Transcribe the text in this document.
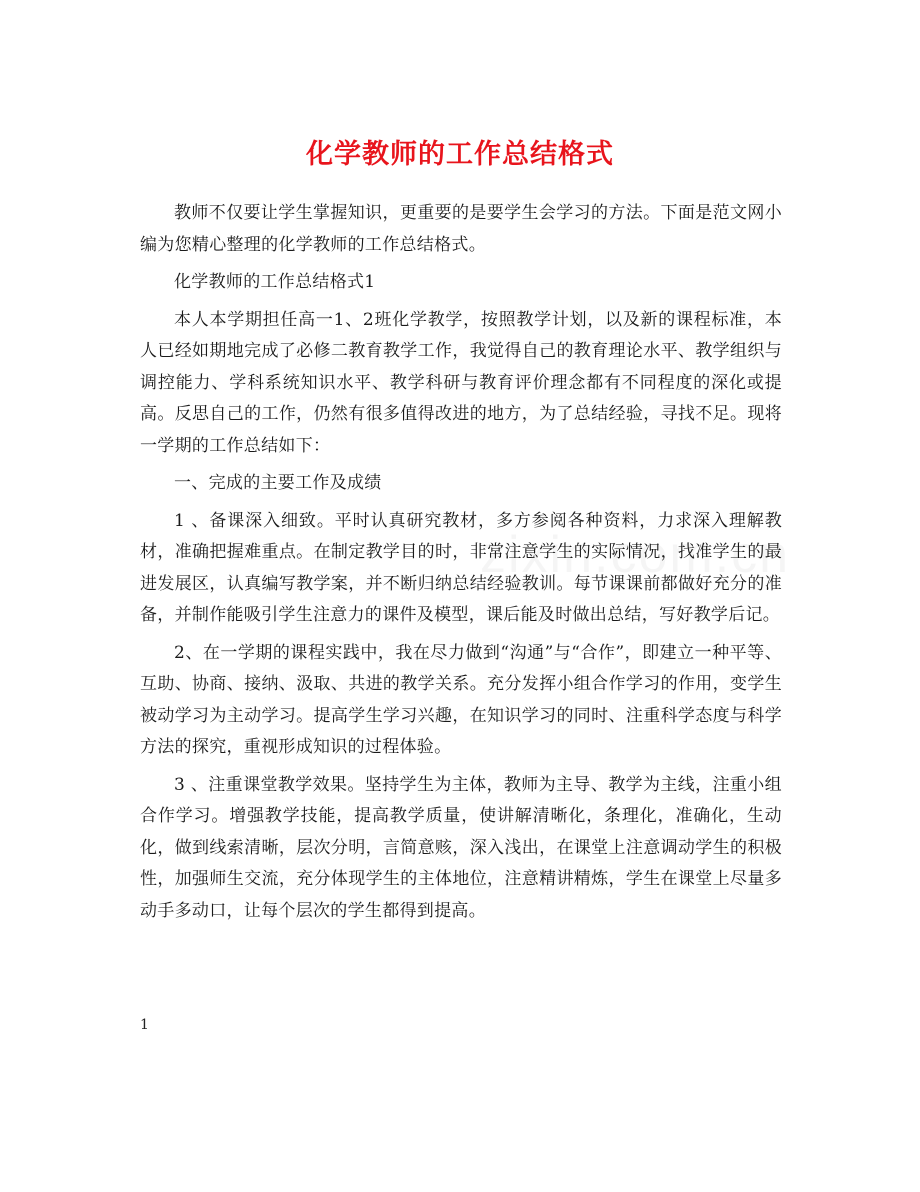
化学教师的工作总结格式

教师不仅要让学生掌握知识，更重要的是要学生会学习的方法。下面是范文网小编为您精心整理的化学教师的工作总结格式。

化学教师的工作总结格式1

本人本学期担任高一1、2班化学教学，按照教学计划，以及新的课程标准，本人已经如期地完成了必修二教育教学工作，我觉得自己的教育理论水平、教学组织与调控能力、学科系统知识水平、教学科研与教育评价理念都有不同程度的深化或提高。反思自己的工作，仍然有很多值得改进的地方，为了总结经验，寻找不足。现将一学期的工作总结如下：

一、完成的主要工作及成绩

1 、备课深入细致。平时认真研究教材，多方参阅各种资料，力求深入理解教材，准确把握难重点。在制定教学目的时，非常注意学生的实际情况，找准学生的最进发展区，认真编写教学案，并不断归纳总结经验教训。每节课课前都做好充分的准备，并制作能吸引学生注意力的课件及模型，课后能及时做出总结，写好教学后记。

2、在一学期的课程实践中，我在尽力做到“沟通”与“合作”，即建立一种平等、互助、协商、接纳、汲取、共进的教学关系。充分发挥小组合作学习的作用，变学生被动学习为主动学习。提高学生学习兴趣，在知识学习的同时、注重科学态度与科学方法的探究，重视形成知识的过程体验。

3 、注重课堂教学效果。坚持学生为主体，教师为主导、教学为主线，注重小组合作学习。增强教学技能，提高教学质量，使讲解清晰化，条理化，准确化，生动化，做到线索清晰，层次分明，言简意赅，深入浅出，在课堂上注意调动学生的积极性，加强师生交流，充分体现学生的主体地位，注意精讲精炼，学生在课堂上尽量多动手多动口，让每个层次的学生都得到提高。

1
